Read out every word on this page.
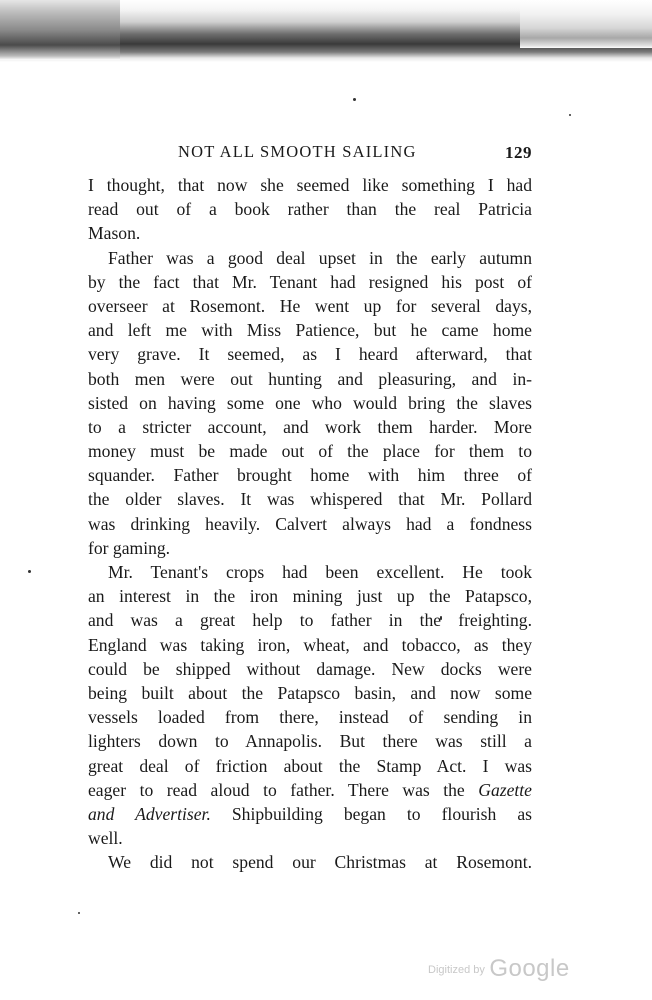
NOT ALL SMOOTH SAILING	129
I thought, that now she seemed like something I had
read out of a book rather than the real Patricia
Mason.
Father was a good deal upset in the early autumn
by the fact that Mr. Tenant had resigned his post of
overseer at Rosemont. He went up for several days,
and left me with Miss Patience, but he came home
very grave. It seemed, as I heard afterward, that
both men were out hunting and pleasuring, and in-
sisted on having some one who would bring the slaves
to a stricter account, and work them harder. More
money must be made out of the place for them to
squander. Father brought home with him three of
the older slaves. It was whispered that Mr. Pollard
was drinking heavily. Calvert always had a fondness
for gaming.
Mr. Tenant's crops had been excellent. He took
an interest in the iron mining just up the Patapsco,
and was a great help to father in the freighting.
England was taking iron, wheat, and tobacco, as they
could be shipped without damage. New docks were
being built about the Patapsco basin, and now some
vessels loaded from there, instead of sending in
lighters down to Annapolis. But there was still a
great deal of friction about the Stamp Act. I was
eager to read aloud to father. There was the Gazette
and Advertiser. Shipbuilding began to flourish as
well.
We did not spend our Christmas at Rosemont.
Digitized by Google
